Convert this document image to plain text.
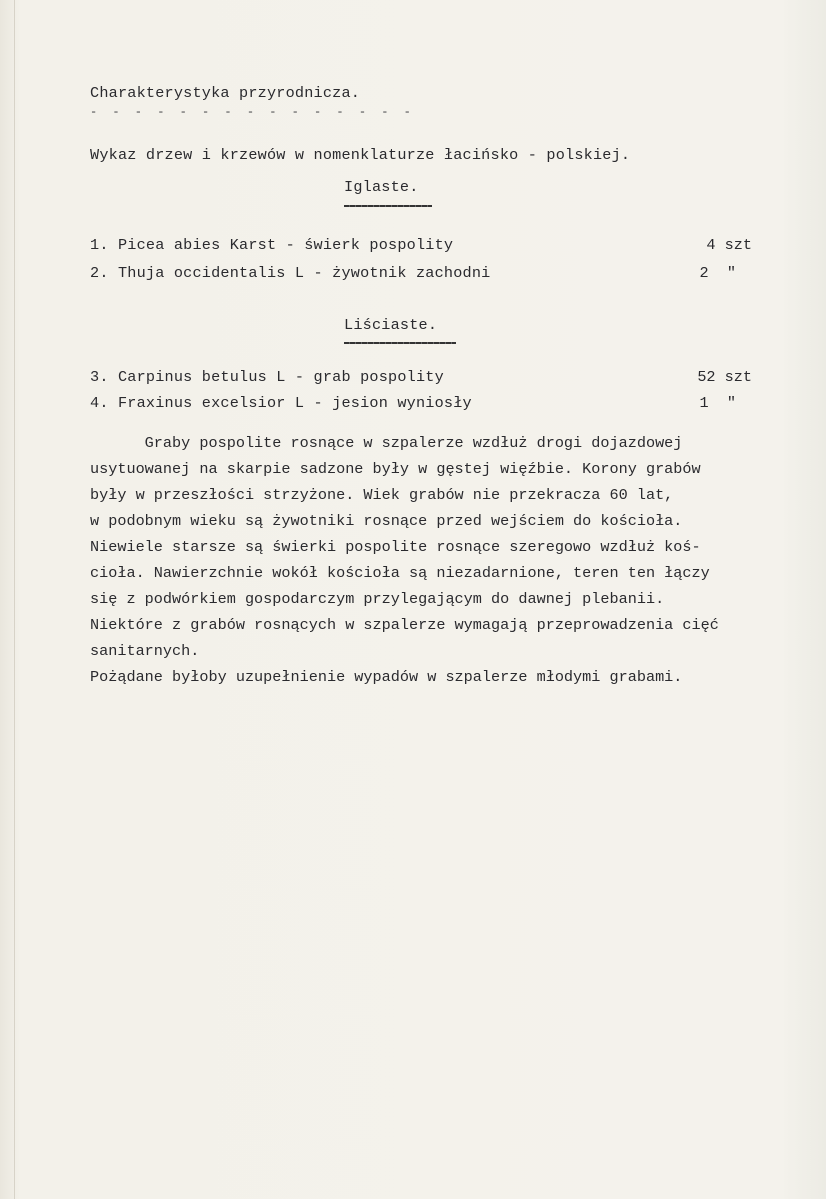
Charakterystyka przyrodnicza.
- - - - - - - - - - - - - - -
Wykaz drzew i krzewów w nomenklaturze łacińsko - polskiej.
Iglaste.
1. Picea abies Karst - świerk pospolity	4 szt
2. Thuja occidentalis L - żywotnik zachodni	2  "
Liściaste.
3. Carpinus betulus L - grab pospolity	52 szt
4. Fraxinus excelsior L - jesion wyniosły	1  "
Graby pospolite rosnące w szpalerze wzdłuż drogi dojazdowej
usytuowanej na skarpie sadzone były w gęstej więźbie. Korony grabów
były w przeszłości strzyżone. Wiek grabów nie przekracza 60 lat,
w podobnym wieku są żywotniki rosnące przed wejściem do kościoła.
Niewiele starsze są świerki pospolite rosnące szeregowo wzdłuż koś-
cioła. Nawierzchnie wokół kościoła są niezadarnione, teren ten łączy
się z podwórkiem gospodarczym przylegającym do dawnej plebanii.
Niektóre z grabów rosnących w szpalerze wymagają przeprowadzenia cięć
sanitarnych.
Pożądane byłoby uzupełnienie wypadów w szpalerze młodymi grabami.
